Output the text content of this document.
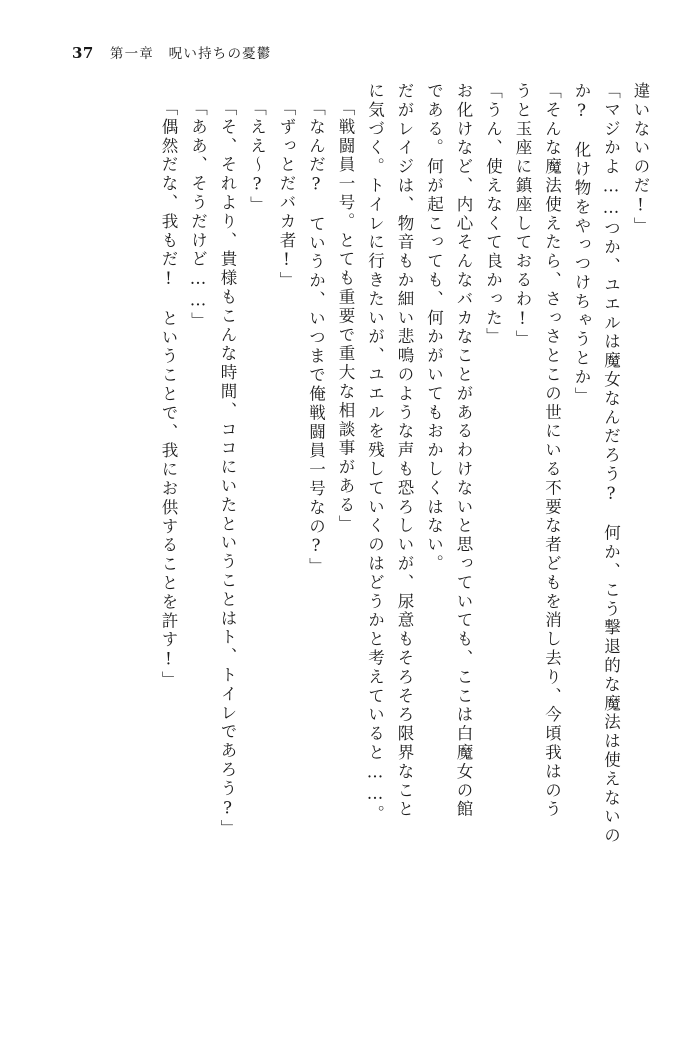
37 第一章　呪い持ちの憂鬱
違いないのだ!」
「マジかよ……つか、ユエルは魔女なんだろう?　何か、こう撃退的な魔法は使えないの
か?　化け物をやっつけちゃうとか」
「そんな魔法使えたら、さっさとこの世にいる不要な者どもを消し去り、今頃我はのう
うと玉座に鎮座しておるわ!」
「うん、使えなくて良かった」
お化けなど、内心そんなバカなことがあるわけないと思っていても、ここは白魔女の館
である。何が起こっても、何かがいてもおかしくはない。
だがレイジは、物音もか細い悲鳴のような声も恐ろしいが、尿意もそろそろ限界なこと
に気づく。トイレに行きたいが、ユエルを残していくのはどうかと考えていると……。
「戦闘員一号。とても重要で重大な相談事がある」
「なんだ?　ていうか、いつまで俺戦闘員一号なの?」
「ずっとだバカ者!」
「ええ～?」
「そ、それより、貴様もこんな時間、ココにいたということはト、トイレであろう?」
「ああ、そうだけど……」
「偶然だな、我もだ!　ということで、我にお供することを許す!」
